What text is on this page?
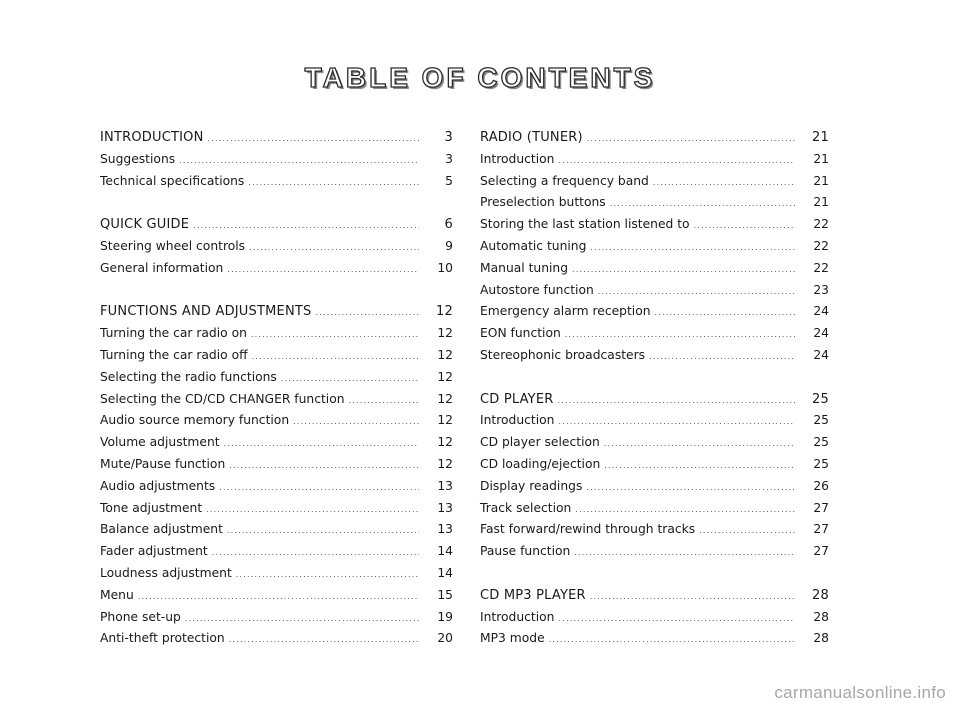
TABLE OF CONTENTS
INTRODUCTION .....	3
Suggestions .....	3
Technical specifications .....	5
QUICK GUIDE .....	6
Steering wheel controls .....	9
General information .....	10
FUNCTIONS AND ADJUSTMENTS .....	12
Turning the car radio on .....	12
Turning the car radio off .....	12
Selecting the radio functions .....	12
Selecting the CD/CD CHANGER function .....	12
Audio source memory function .....	12
Volume adjustment .....	12
Mute/Pause function .....	12
Audio adjustments .....	13
Tone adjustment .....	13
Balance adjustment .....	13
Fader adjustment .....	14
Loudness adjustment .....	14
Menu .....	15
Phone set-up .....	19
Anti-theft protection .....	20
RADIO (TUNER) .....	21
Introduction .....	21
Selecting a frequency band .....	21
Preselection buttons .....	21
Storing the last station listened to .....	22
Automatic tuning .....	22
Manual tuning .....	22
Autostore function .....	23
Emergency alarm reception .....	24
EON function .....	24
Stereophonic broadcasters .....	24
CD PLAYER .....	25
Introduction .....	25
CD player selection .....	25
CD loading/ejection .....	25
Display readings .....	26
Track selection .....	27
Fast forward/rewind through tracks .....	27
Pause function .....	27
CD MP3 PLAYER .....	28
Introduction .....	28
MP3 mode .....	28
carmanualsonline.info
